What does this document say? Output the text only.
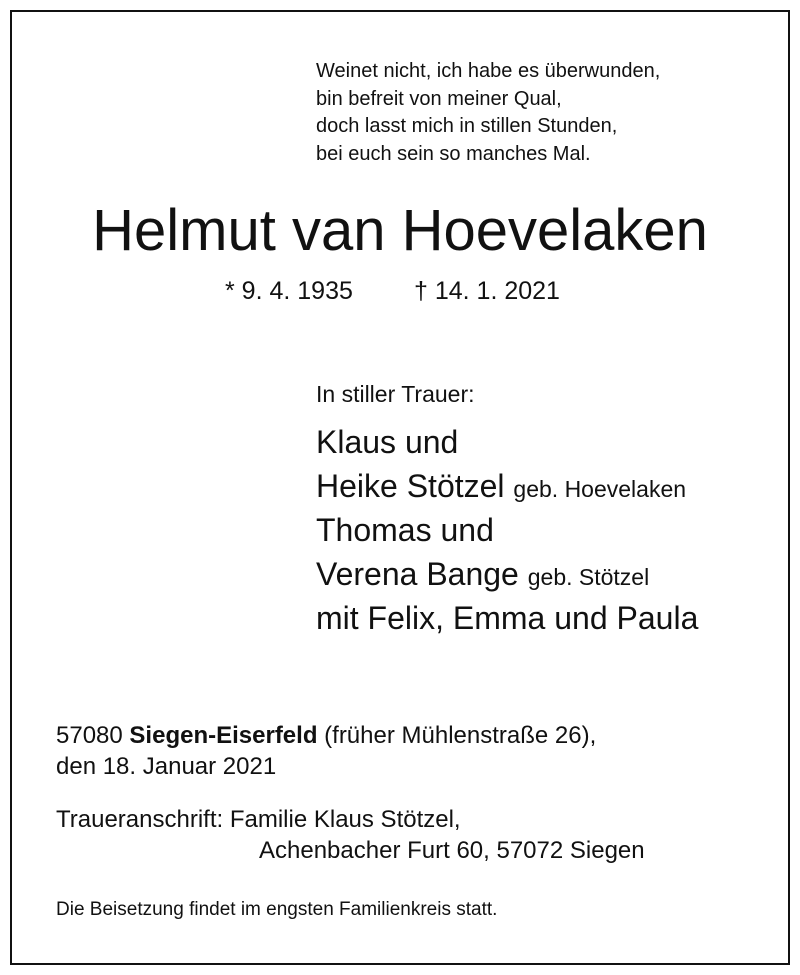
Weinet nicht, ich habe es überwunden,
bin befreit von meiner Qual,
doch lasst mich in stillen Stunden,
bei euch sein so manches Mal.
Helmut van Hoevelaken
* 9. 4. 1935 † 14. 1. 2021
In stiller Trauer:
Klaus und
Heike Stötzel geb. Hoevelaken
Thomas und
Verena Bange geb. Stötzel
mit Felix, Emma und Paula
57080 Siegen-Eiserfeld (früher Mühlenstraße 26),
den 18. Januar 2021
Traueranschrift: Familie Klaus Stötzel,
Achenbacher Furt 60, 57072 Siegen
Die Beisetzung findet im engsten Familienkreis statt.
